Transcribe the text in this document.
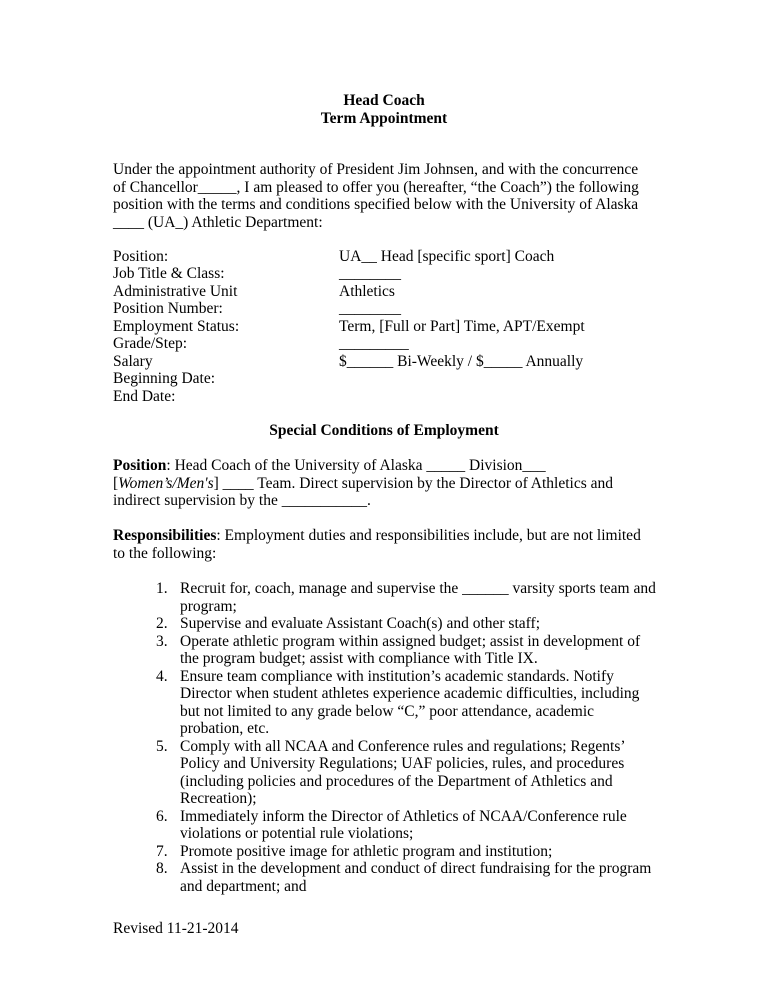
Head Coach
Term Appointment

Under the appointment authority of President Jim Johnsen, and with the concurrence of Chancellor_____, I am pleased to offer you (hereafter, “the Coach”) the following position with the terms and conditions specified below with the University of Alaska ____ (UA_) Athletic Department:

Position:
Job Title & Class:
Administrative Unit
Position Number:
Employment Status:
Grade/Step:
Salary
Beginning Date:
End Date:
UA__ Head [specific sport] Coach
________
Athletics
________
Term, [Full or Part] Time, APT/Exempt
_________
$______ Bi-Weekly / $_____ Annually
Special Conditions of Employment

Position: Head Coach of the University of Alaska _____ Division___ [Women’s/Men's] ____ Team. Direct supervision by the Director of Athletics and indirect supervision by the ___________.

Responsibilities: Employment duties and responsibilities include, but are not limited to the following:

1. Recruit for, coach, manage and supervise the ______ varsity sports team and program;
2. Supervise and evaluate Assistant Coach(s) and other staff;
3. Operate athletic program within assigned budget; assist in development of the program budget; assist with compliance with Title IX.
4. Ensure team compliance with institution’s academic standards. Notify Director when student athletes experience academic difficulties, including but not limited to any grade below “C,” poor attendance, academic probation, etc.
5. Comply with all NCAA and Conference rules and regulations; Regents’ Policy and University Regulations; UAF policies, rules, and procedures (including policies and procedures of the Department of Athletics and Recreation);
6. Immediately inform the Director of Athletics of NCAA/Conference rule violations or potential rule violations;
7. Promote positive image for athletic program and institution;
8. Assist in the development and conduct of direct fundraising for the program and department; and
Revised 11-21-2014
